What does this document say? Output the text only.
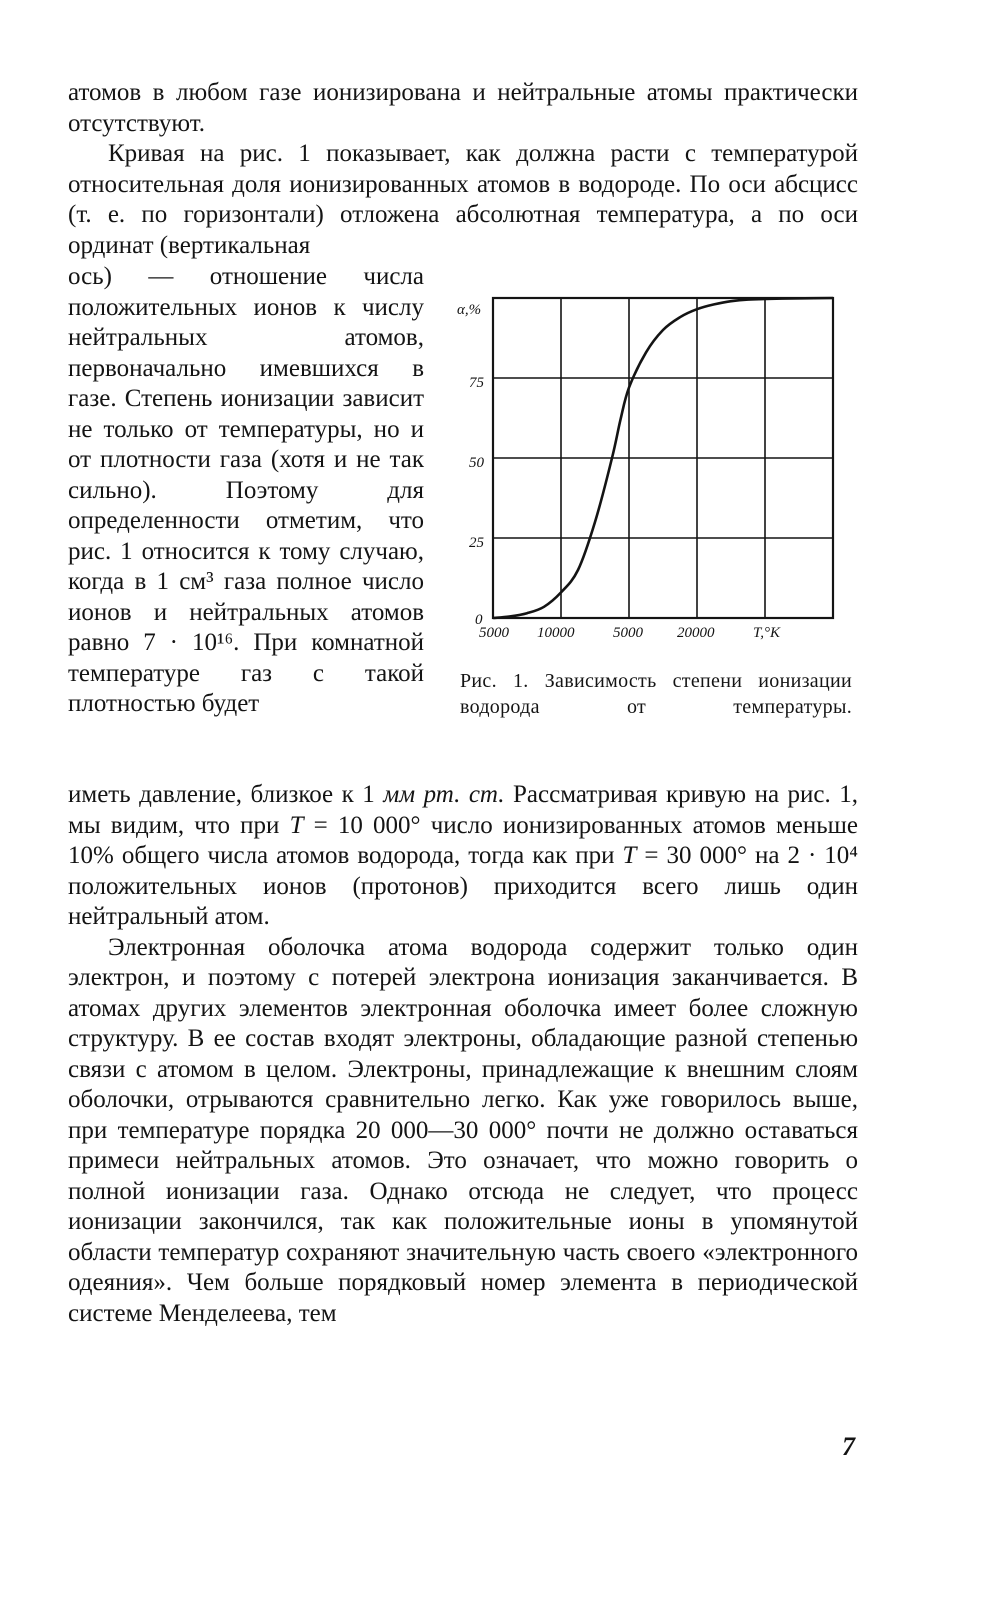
атомов в любом газе ионизирована и нейтральные атомы практически отсутствуют.

Кривая на рис. 1 показывает, как должна расти с температурой относительная доля ионизированных атомов в водороде. По оси абсцисс (т. е. по горизонтали) отложена абсолютная температура, а по оси ординат (вертикальная

ось) — отношение числа положительных ионов к числу нейтральных атомов, первоначально имевшихся в газе. Степень ионизации зависит не только от температуры, но и от плотности газа (хотя и не так сильно). Поэтому для определенности отметим, что рис. 1 относится к тому случаю, когда в 1 см³ газа полное число ионов и нейтральных атомов равно 7 · 10¹⁶. При комнатной температуре газ с такой плотностью будет

α,%
75
50
25
0
5000 10000	5000 20000	T,°K
Рис. 1. Зависимость степени ионизации водорода от температуры.

иметь давление, близкое к 1 мм рт. ст. Рассматривая кривую на рис. 1, мы видим, что при T = 10 000° число ионизированных атомов меньше 10% общего числа атомов водорода, тогда как при T = 30 000° на 2 · 10⁴ положительных ионов (протонов) приходится всего лишь один нейтральный атом.

Электронная оболочка атома водорода содержит только один электрон, и поэтому с потерей электрона ионизация заканчивается. В атомах других элементов электронная оболочка имеет более сложную структуру. В ее состав входят электроны, обладающие разной степенью связи с атомом в целом. Электроны, принадлежащие к внешним слоям оболочки, отрываются сравнительно легко. Как уже говорилось выше, при температуре порядка 20 000—30 000° почти не должно оставаться примеси нейтральных атомов. Это означает, что можно говорить о полной ионизации газа. Однако отсюда не следует, что процесс ионизации закончился, так как положительные ионы в упомянутой области температур сохраняют значительную часть своего «электронного одеяния». Чем больше порядковый номер элемента в периодической системе Менделеева, тем

7
